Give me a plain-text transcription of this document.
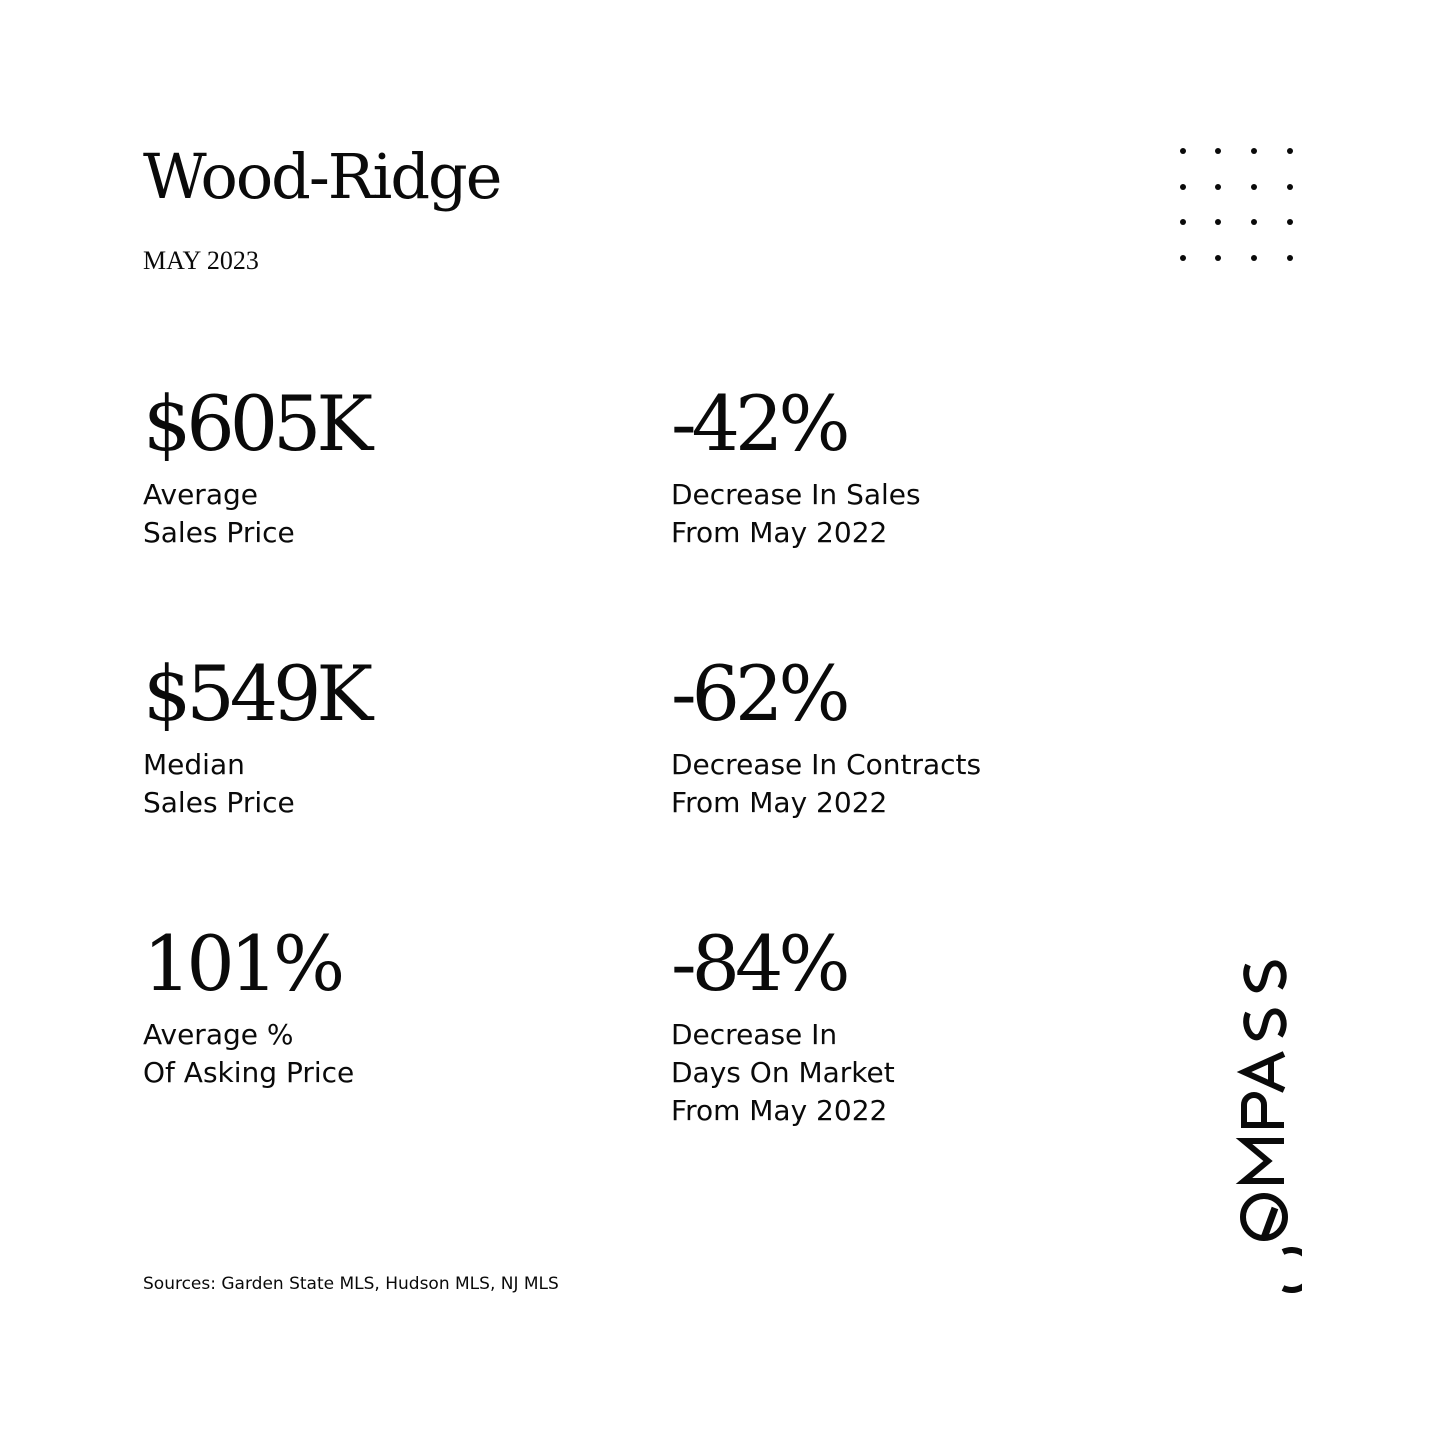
Wood-Ridge
MAY 2023
$605K
Average
Sales Price
-42%
Decrease In Sales
From May 2022
$549K
Median
Sales Price
-62%
Decrease In Contracts
From May 2022
101%
Average %
Of Asking Price
-84%
Decrease In
Days On Market
From May 2022
Sources: Garden State MLS, Hudson MLS, NJ MLS
